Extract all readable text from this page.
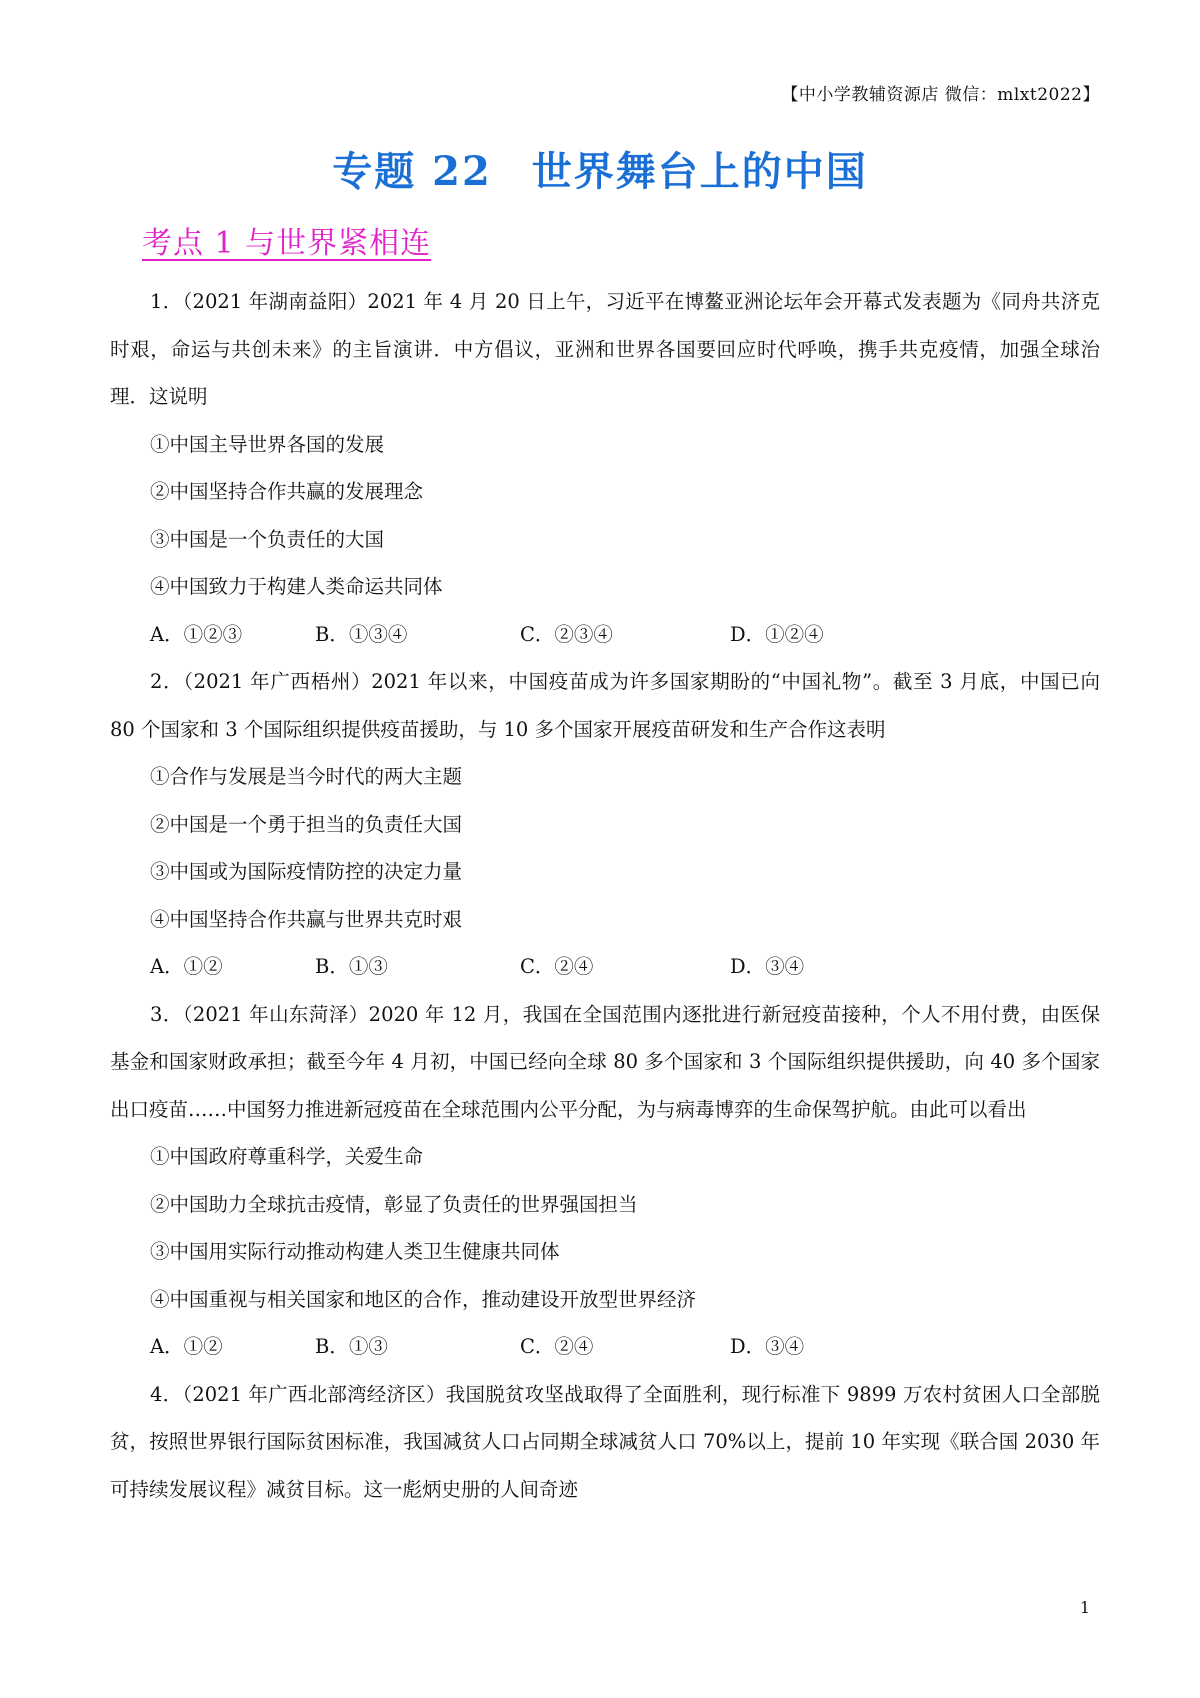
【中小学教辅资源店 微信：mlxt2022】
专题 22 世界舞台上的中国
考点 1 与世界紧相连

1．（2021 年湖南益阳）2021 年 4 月 20 日上午，习近平在博鳌亚洲论坛年会开幕式发表题为《同舟共济克时艰，命运与共创未来》的主旨演讲．中方倡议，亚洲和世界各国要回应时代呼唤，携手共克疫情，加强全球治理．这说明

①中国主导世界各国的发展

②中国坚持合作共赢的发展理念

③中国是一个负责任的大国

④中国致力于构建人类命运共同体

A．①②③	B．①③④	C．②③④	D．①②④

2．（2021 年广西梧州）2021 年以来，中国疫苗成为许多国家期盼的“中国礼物”。截至 3 月底，中国已向 80 个国家和 3 个国际组织提供疫苗援助，与 10 多个国家开展疫苗研发和生产合作这表明

①合作与发展是当今时代的两大主题

②中国是一个勇于担当的负责任大国

③中国或为国际疫情防控的决定力量

④中国坚持合作共赢与世界共克时艰

A．①②	B．①③	C．②④	D．③④

3．（2021 年山东菏泽）2020 年 12 月，我国在全国范围内逐批进行新冠疫苗接种，个人不用付费，由医保基金和国家财政承担；截至今年 4 月初，中国已经向全球 80 多个国家和 3 个国际组织提供援助，向 40 多个国家出口疫苗……中国努力推进新冠疫苗在全球范围内公平分配，为与病毒博弈的生命保驾护航。由此可以看出

①中国政府尊重科学，关爱生命

②中国助力全球抗击疫情，彰显了负责任的世界强国担当

③中国用实际行动推动构建人类卫生健康共同体

④中国重视与相关国家和地区的合作，推动建设开放型世界经济

A．①②	B．①③	C．②④	D．③④

4．（2021 年广西北部湾经济区）我国脱贫攻坚战取得了全面胜利，现行标准下 9899 万农村贫困人口全部脱贫，按照世界银行国际贫困标准，我国减贫人口占同期全球减贫人口 70%以上，提前 10 年实现《联合国 2030 年可持续发展议程》减贫目标。这一彪炳史册的人间奇迹

1
